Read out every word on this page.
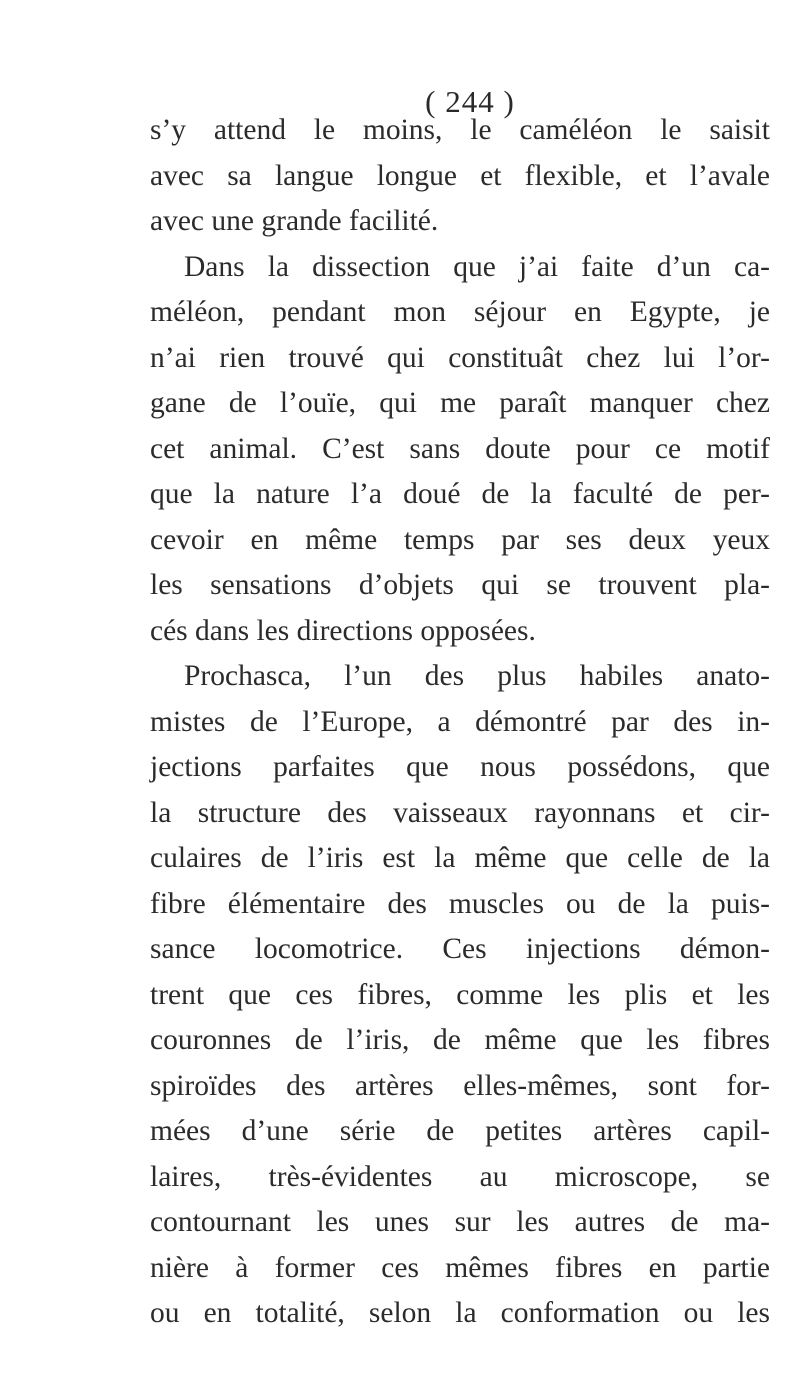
( 244 )
s’y attend le moins, le caméléon le saisit
avec sa langue longue et flexible, et l’avale
avec une grande facilité.
Dans la dissection que j’ai faite d’un ca-
méléon, pendant mon séjour en Egypte, je
n’ai rien trouvé qui constituât chez lui l’or-
gane de l’ouïe, qui me paraît manquer chez
cet animal. C’est sans doute pour ce motif
que la nature l’a doué de la faculté de per-
cevoir en même temps par ses deux yeux
les sensations d’objets qui se trouvent pla-
cés dans les directions opposées.
Prochasca, l’un des plus habiles anato-
mistes de l’Europe, a démontré par des in-
jections parfaites que nous possédons, que
la structure des vaisseaux rayonnans et cir-
culaires de l’iris est la même que celle de la
fibre élémentaire des muscles ou de la puis-
sance locomotrice. Ces injections démon-
trent que ces fibres, comme les plis et les
couronnes de l’iris, de même que les fibres
spiroïdes des artères elles-mêmes, sont for-
mées d’une série de petites artères capil-
laires, très-évidentes au microscope, se
contournant les unes sur les autres de ma-
nière à former ces mêmes fibres en partie
ou en totalité, selon la conformation ou les
